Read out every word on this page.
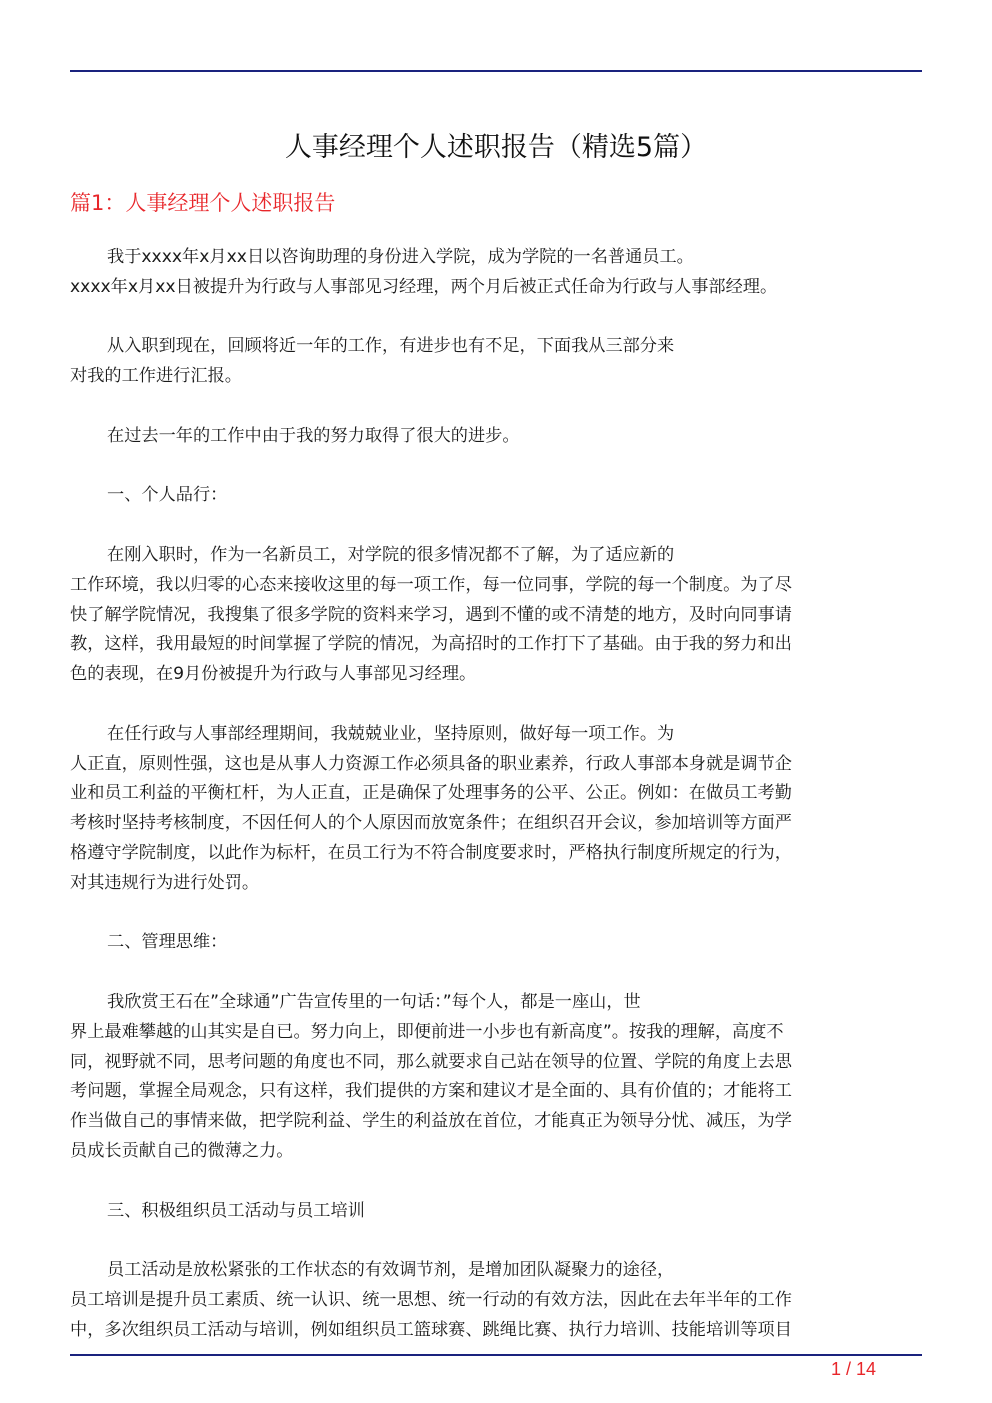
人事经理个人述职报告（精选5篇）
篇1：人事经理个人述职报告

我于xxxx年x月xx日以咨询助理的身份进入学院，成为学院的一名普通员工。
xxxx年x月xx日被提升为行政与人事部见习经理，两个月后被正式任命为行政与人事部经理。

从入职到现在，回顾将近一年的工作，有进步也有不足，下面我从三部分来
对我的工作进行汇报。

在过去一年的工作中由于我的努力取得了很大的进步。

一、个人品行：

在刚入职时，作为一名新员工，对学院的很多情况都不了解，为了适应新的
工作环境，我以归零的心态来接收这里的每一项工作，每一位同事，学院的每一个制度。为了尽
快了解学院情况，我搜集了很多学院的资料来学习，遇到不懂的或不清楚的地方，及时向同事请
教，这样，我用最短的时间掌握了学院的情况，为高招时的工作打下了基础。由于我的努力和出
色的表现，在9月份被提升为行政与人事部见习经理。

在任行政与人事部经理期间，我兢兢业业，坚持原则，做好每一项工作。为
人正直，原则性强，这也是从事人力资源工作必须具备的职业素养，行政人事部本身就是调节企
业和员工利益的平衡杠杆，为人正直，正是确保了处理事务的公平、公正。例如：在做员工考勤
考核时坚持考核制度，不因任何人的个人原因而放宽条件；在组织召开会议，参加培训等方面严
格遵守学院制度，以此作为标杆，在员工行为不符合制度要求时，严格执行制度所规定的行为，
对其违规行为进行处罚。

二、管理思维：

我欣赏王石在”全球通”广告宣传里的一句话：”每个人，都是一座山，世
界上最难攀越的山其实是自已。努力向上，即便前进一小步也有新高度”。按我的理解，高度不
同，视野就不同，思考问题的角度也不同，那么就要求自己站在领导的位置、学院的角度上去思
考问题，掌握全局观念，只有这样，我们提供的方案和建议才是全面的、具有价值的；才能将工
作当做自己的事情来做，把学院利益、学生的利益放在首位，才能真正为领导分忧、减压，为学
员成长贡献自己的微薄之力。

三、积极组织员工活动与员工培训

员工活动是放松紧张的工作状态的有效调节剂，是增加团队凝聚力的途径，
员工培训是提升员工素质、统一认识、统一思想、统一行动的有效方法，因此在去年半年的工作
中，多次组织员工活动与培训，例如组织员工篮球赛、跳绳比赛、执行力培训、技能培训等项目

1 / 14
